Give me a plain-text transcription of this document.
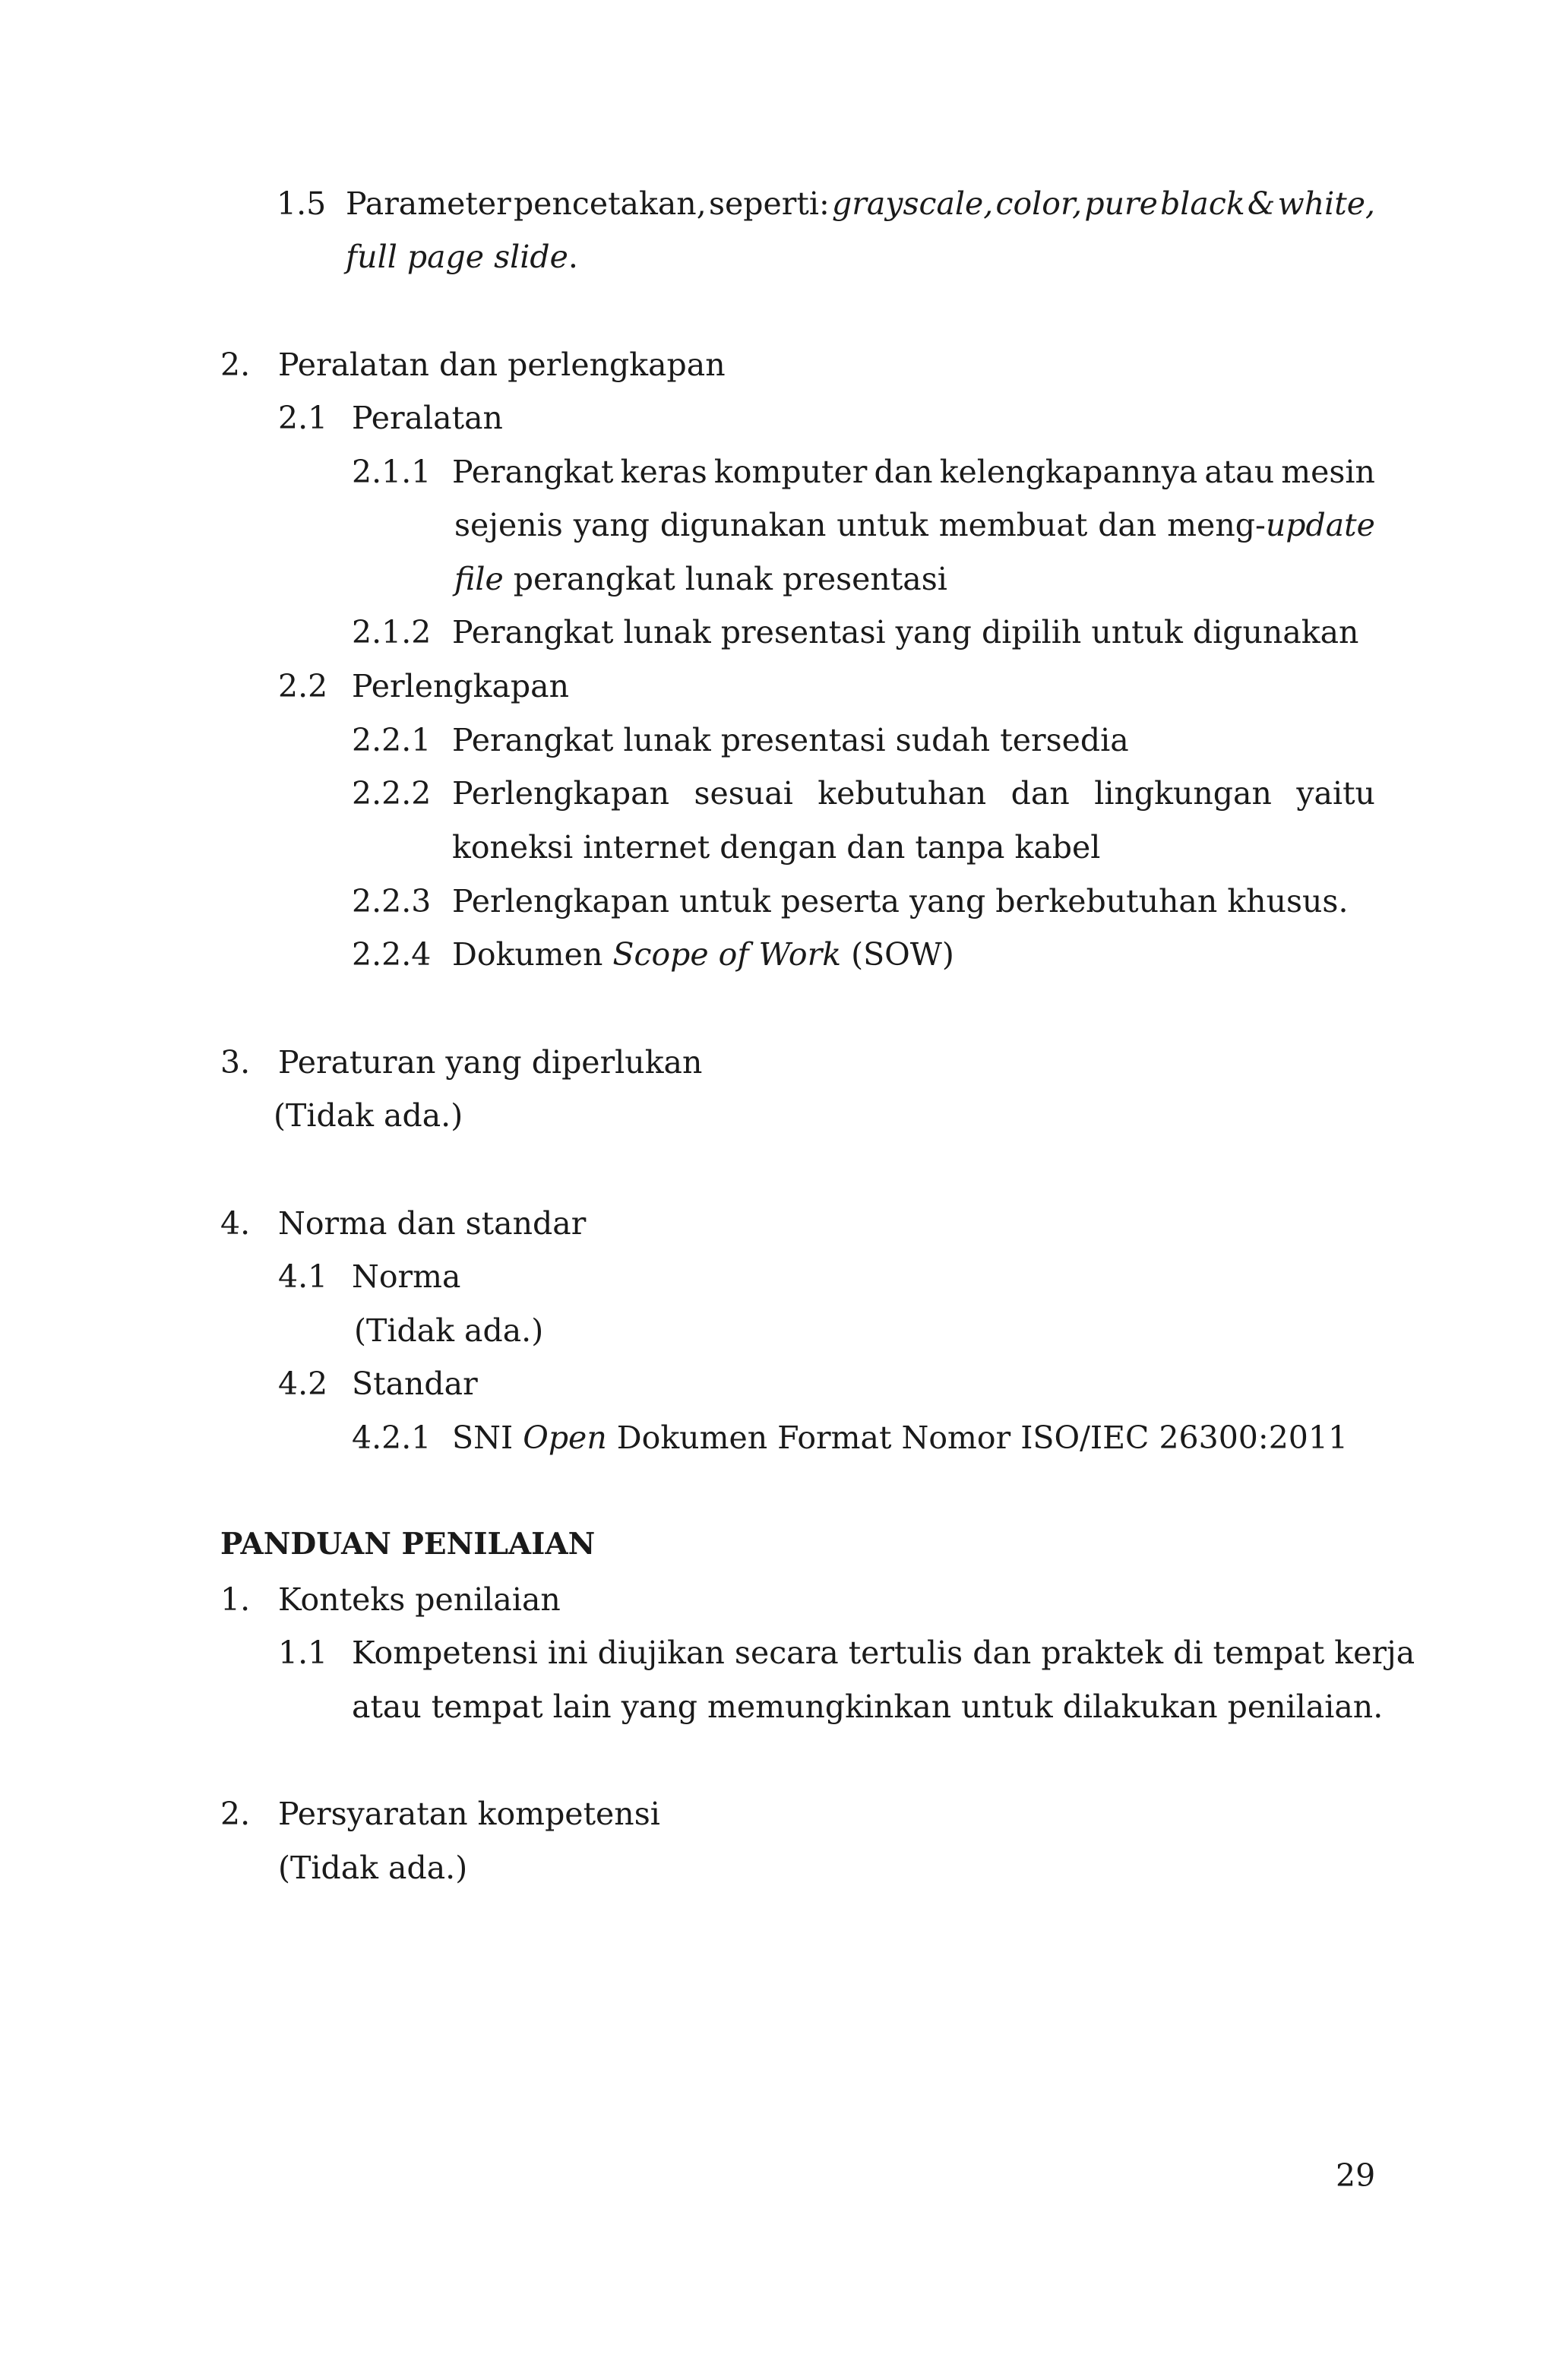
1.5 Parameter pencetakan, seperti: grayscale, color, pure black & white,
full page slide.
2. Peralatan dan perlengkapan
2.1 Peralatan
2.1.1 Perangkat keras komputer dan kelengkapannya atau mesin
sejenis yang digunakan untuk membuat dan meng-update
file perangkat lunak presentasi
2.1.2 Perangkat lunak presentasi yang dipilih untuk digunakan
2.2 Perlengkapan
2.2.1 Perangkat lunak presentasi sudah tersedia
2.2.2 Perlengkapan sesuai kebutuhan dan lingkungan yaitu
koneksi internet dengan dan tanpa kabel
2.2.3 Perlengkapan untuk peserta yang berkebutuhan khusus.
2.2.4 Dokumen Scope of Work (SOW)
3. Peraturan yang diperlukan
(Tidak ada.)
4. Norma dan standar
4.1 Norma
(Tidak ada.)
4.2 Standar
4.2.1 SNI Open Dokumen Format Nomor ISO/IEC 26300:2011
PANDUAN PENILAIAN
1. Konteks penilaian
1.1 Kompetensi ini diujikan secara tertulis dan praktek di tempat kerja
atau tempat lain yang memungkinkan untuk dilakukan penilaian.
2. Persyaratan kompetensi
(Tidak ada.)
29
